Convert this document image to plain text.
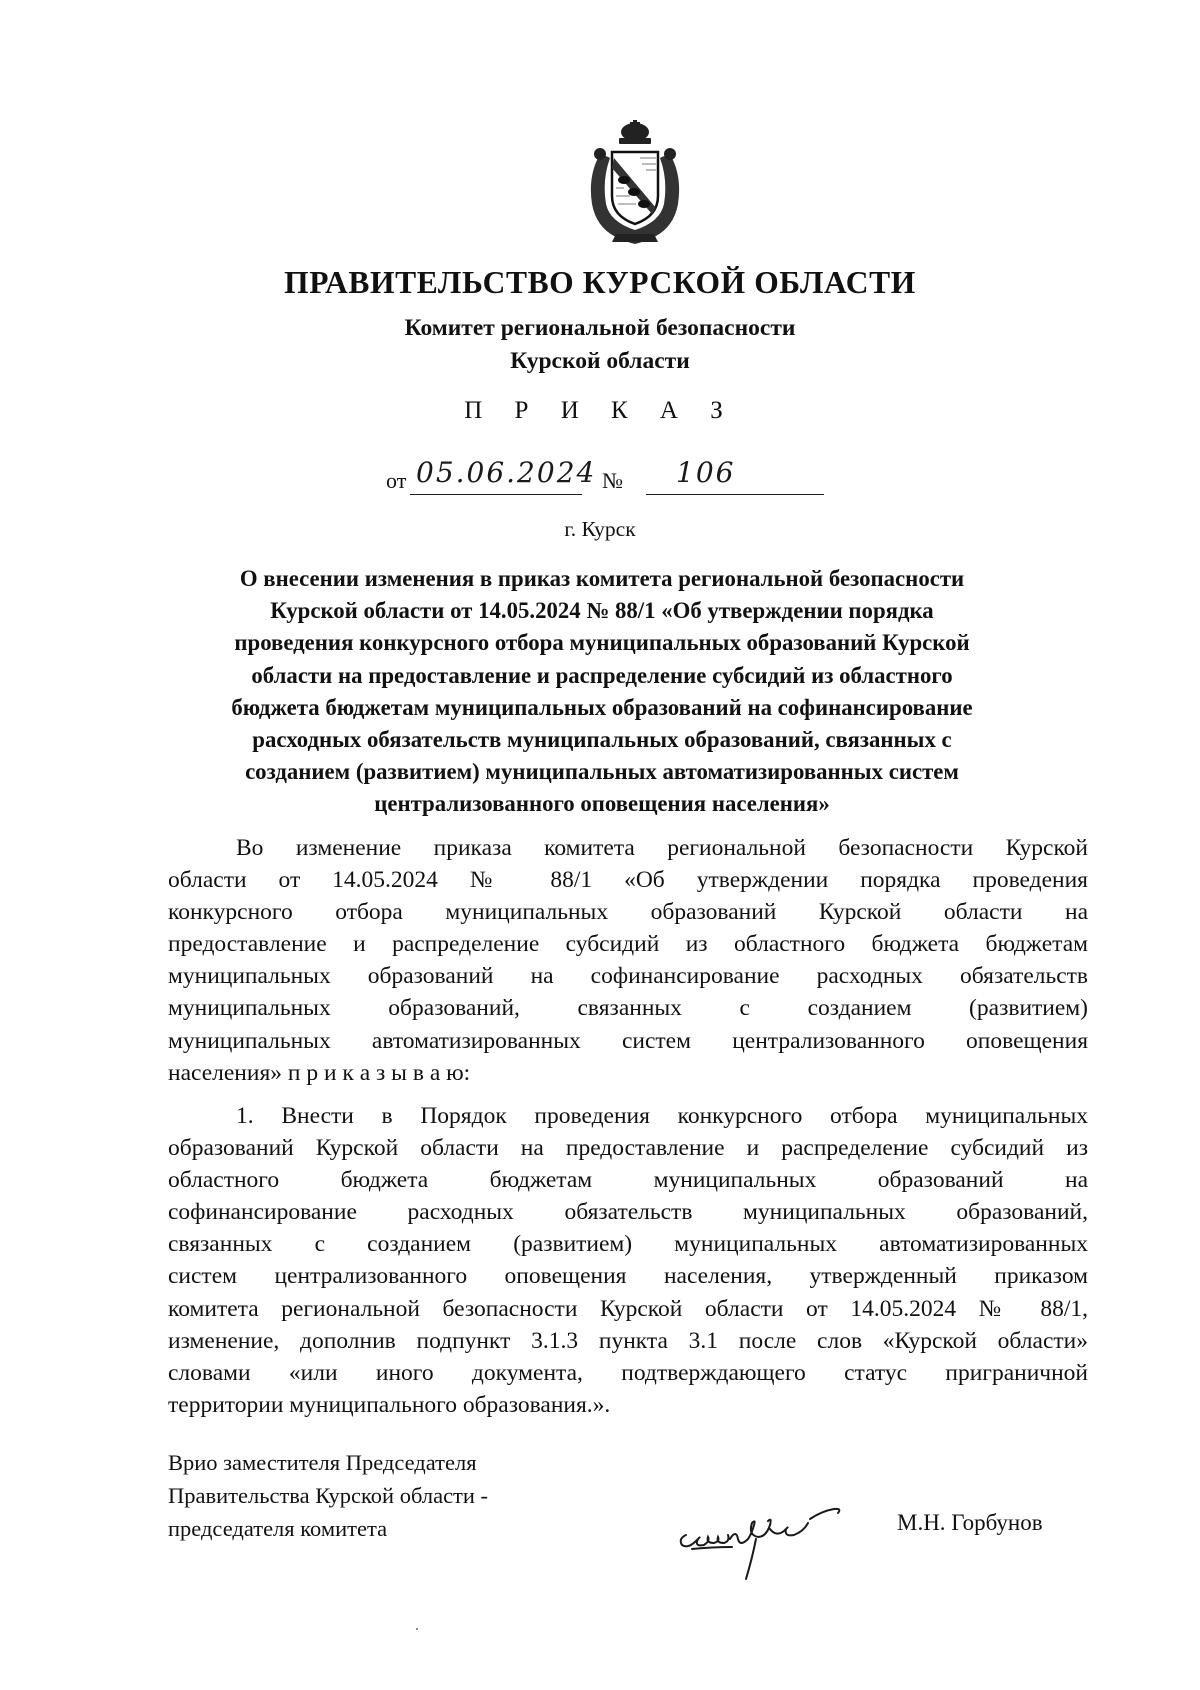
ПРАВИТЕЛЬСТВО КУРСКОЙ ОБЛАСТИ
Комитет региональной безопасности
Курской области
П Р И К А З
от 05.06.2024 № 106
г. Курск
О внесении изменения в приказ комитета региональной безопасности
Курской области от 14.05.2024 № 88/1 «Об утверждении порядка
проведения конкурсного отбора муниципальных образований Курской
области на предоставление и распределение субсидий из областного
бюджета бюджетам муниципальных образований на софинансирование
расходных обязательств муниципальных образований, связанных с
созданием (развитием) муниципальных автоматизированных систем
централизованного оповещения населения»
Во изменение приказа комитета региональной безопасности Курской
области от 14.05.2024 № 88/1 «Об утверждении порядка проведения
конкурсного отбора муниципальных образований Курской области на
предоставление и распределение субсидий из областного бюджета бюджетам
муниципальных образований на софинансирование расходных обязательств
муниципальных образований, связанных с созданием (развитием)
муниципальных автоматизированных систем централизованного оповещения
населения» п р и к а з ы в а ю:
1. Внести в Порядок проведения конкурсного отбора муниципальных
образований Курской области на предоставление и распределение субсидий из
областного бюджета бюджетам муниципальных образований на
софинансирование расходных обязательств муниципальных образований,
связанных с созданием (развитием) муниципальных автоматизированных
систем централизованного оповещения населения, утвержденный приказом
комитета региональной безопасности Курской области от 14.05.2024 № 88/1,
изменение, дополнив подпункт 3.1.3 пункта 3.1 после слов «Курской области»
словами «или иного документа, подтверждающего статус приграничной
территории муниципального образования.».
Врио заместителя Председателя
Правительства Курской области -
председателя комитета	М.Н. Горбунов
